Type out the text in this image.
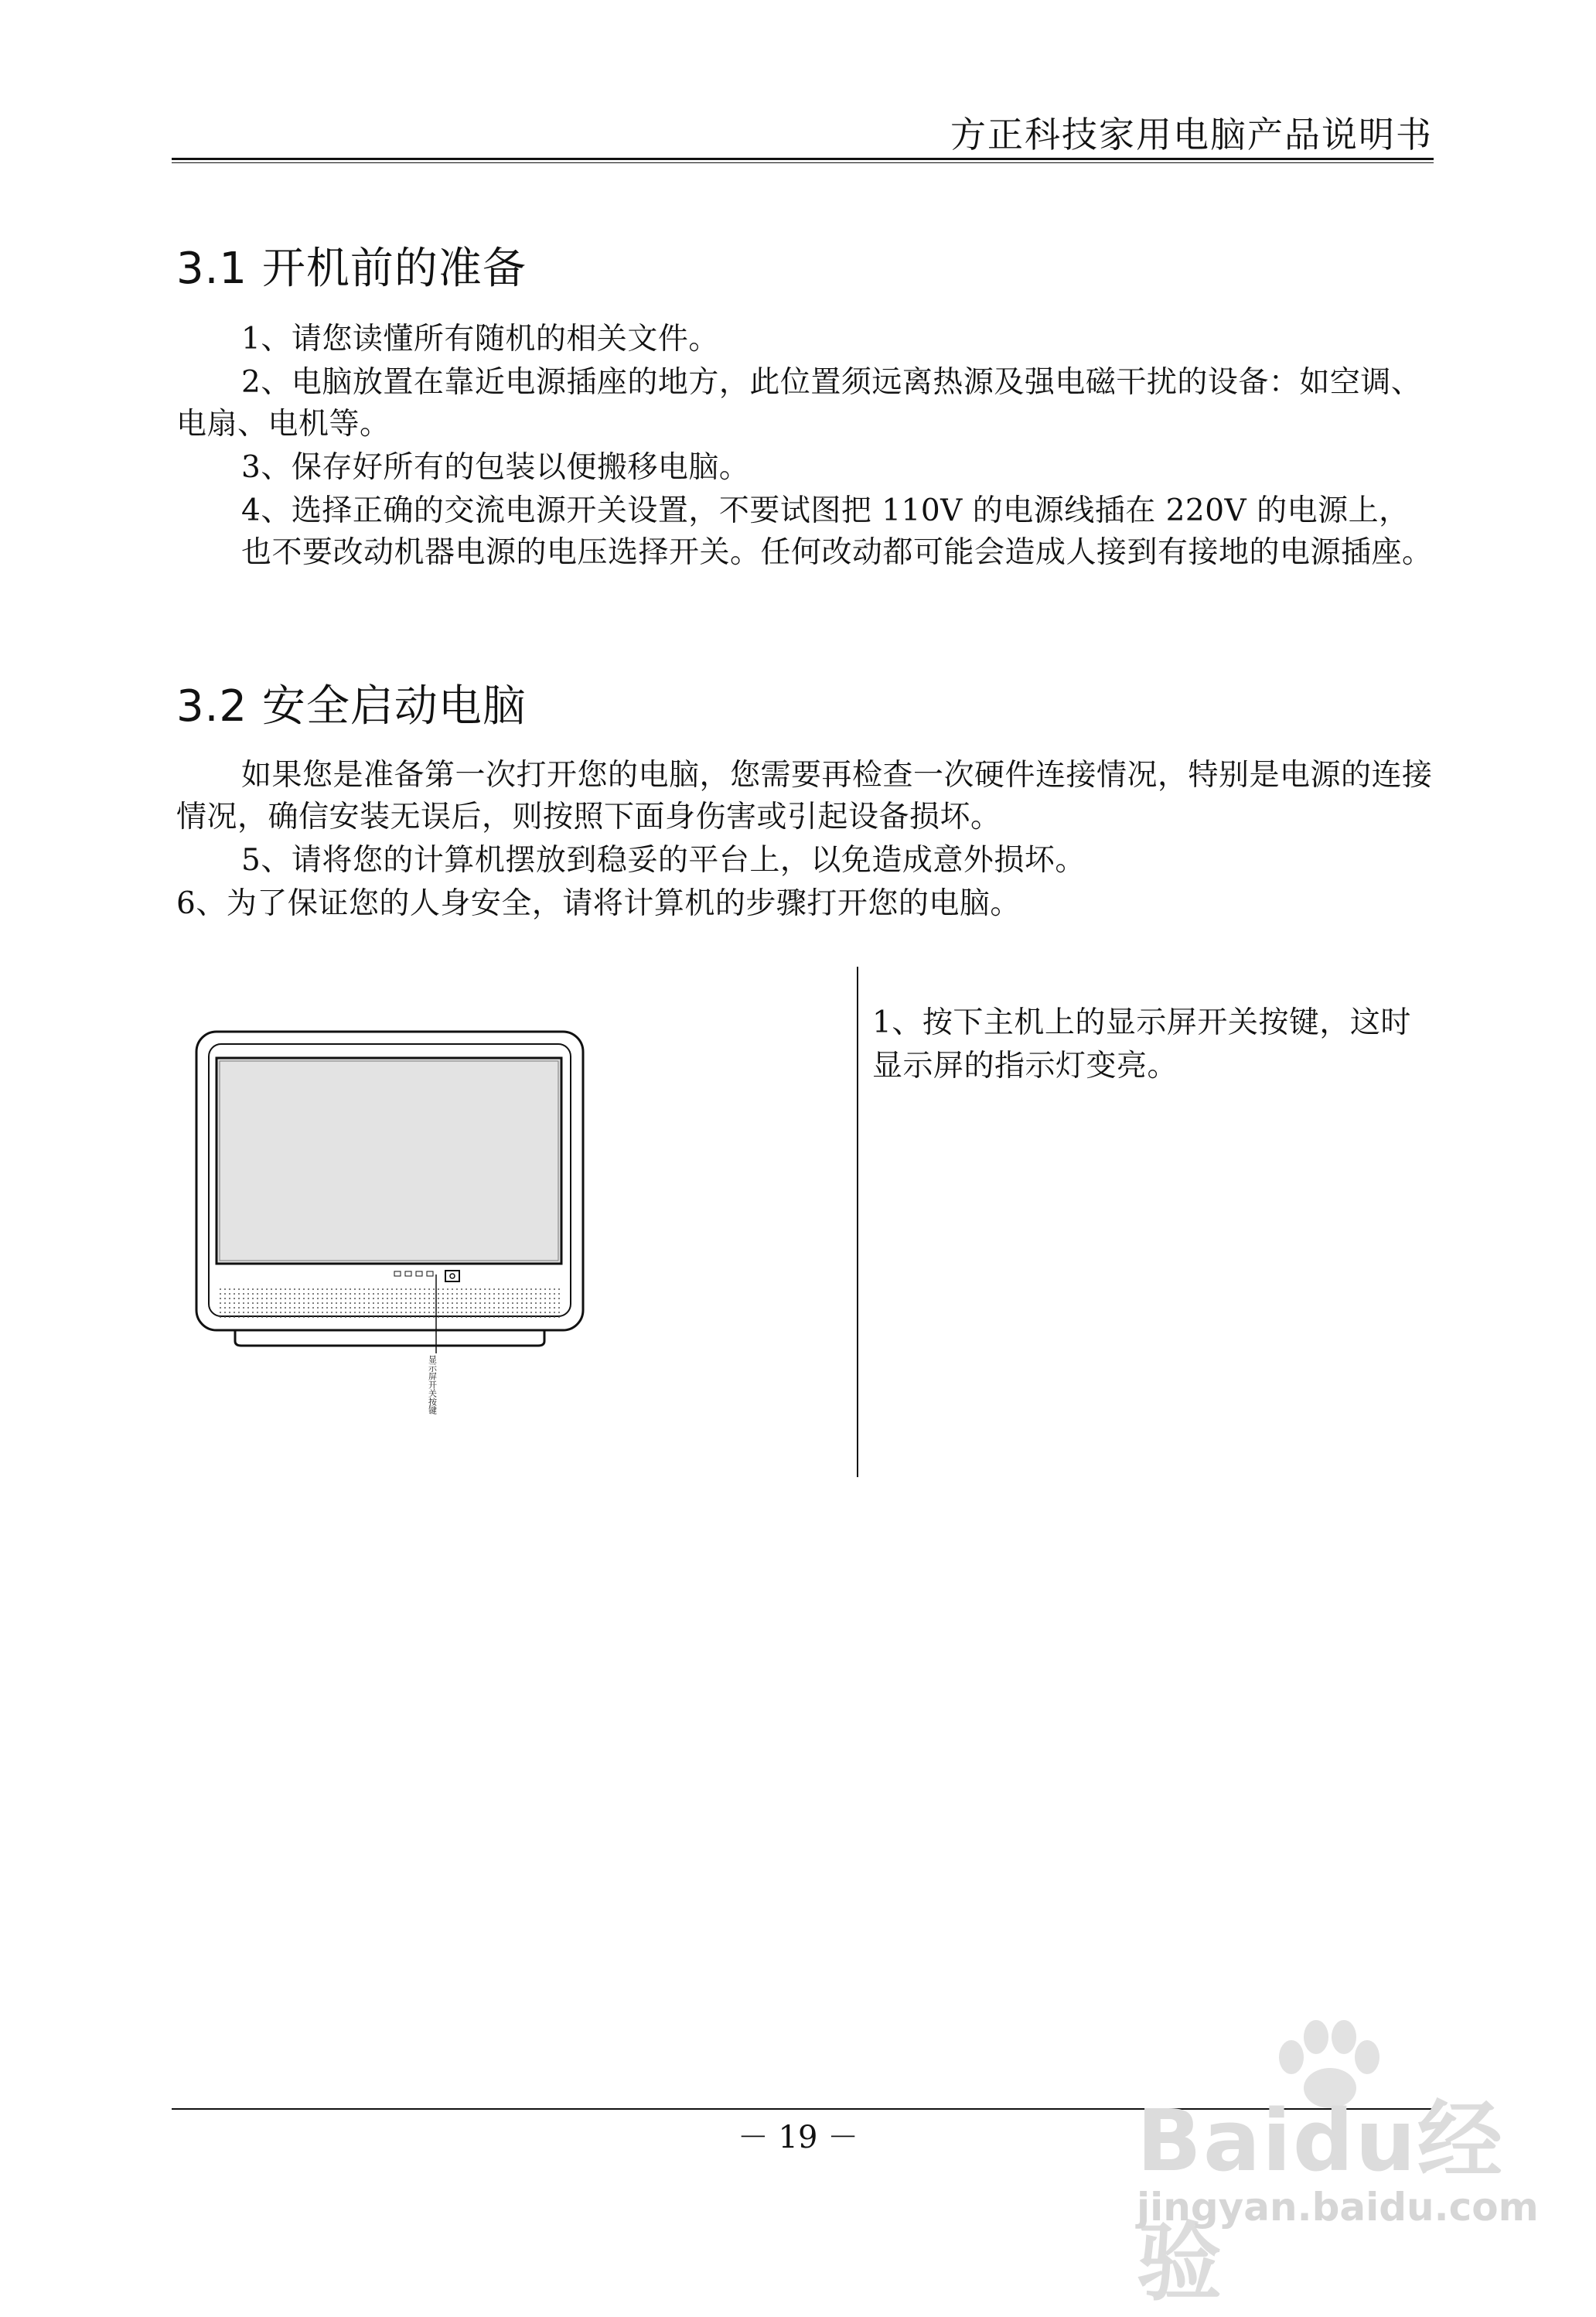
方正科技家用电脑产品说明书
3.1 开机前的准备
1、请您读懂所有随机的相关文件。
2、电脑放置在靠近电源插座的地方，此位置须远离热源及强电磁干扰的设备：如空调、电扇、电机等。
3、保存好所有的包装以便搬移电脑。
4、选择正确的交流电源开关设置，不要试图把 110V 的电源线插在 220V 的电源上，也不要改动机器电源的电压选择开关。任何改动都可能会造成人接到有接地的电源插座。
3.2 安全启动电脑
如果您是准备第一次打开您的电脑，您需要再检查一次硬件连接情况，特别是电源的连接情况，确信安装无误后，则按照下面身伤害或引起设备损坏。
5、请将您的计算机摆放到稳妥的平台上，以免造成意外损坏。
6、为了保证您的人身安全，请将计算机的步骤打开您的电脑。
显示屏开关按键
1、按下主机上的显示屏开关按键，这时显示屏的指示灯变亮。
－ 19 －	Baidu经验
jingyan.baidu.com
